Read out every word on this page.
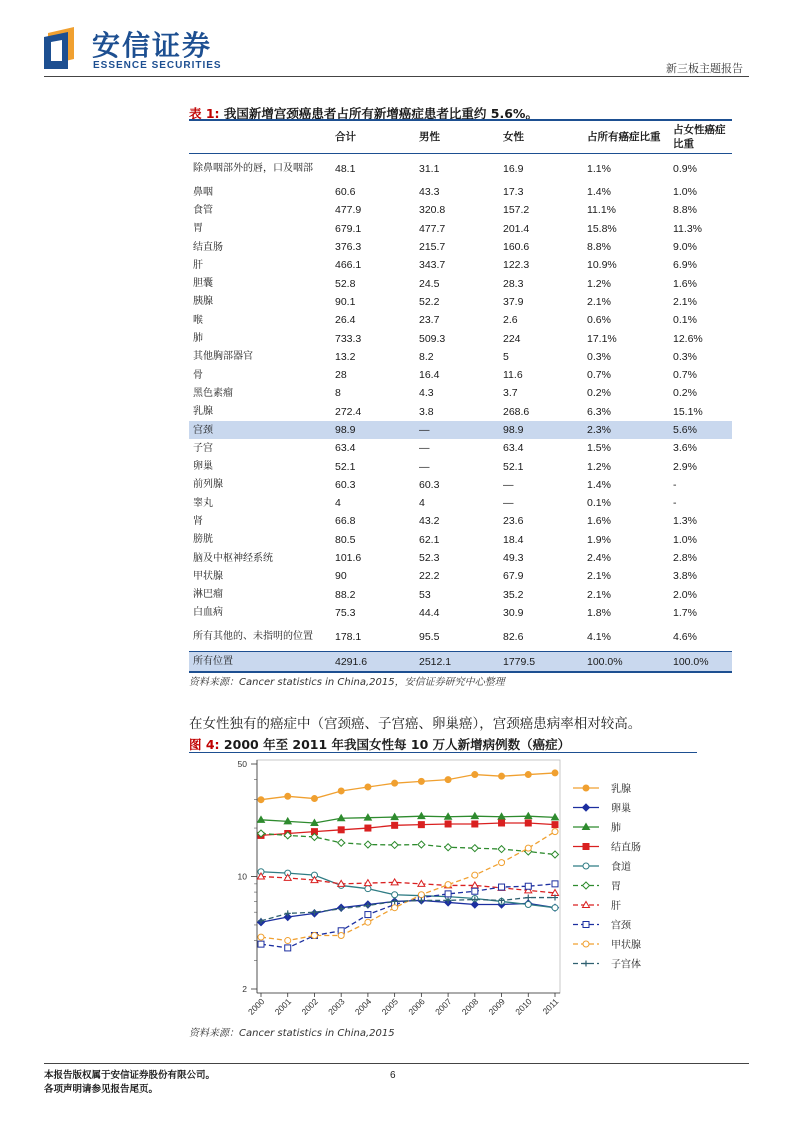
安信证券
ESSENCE SECURITIES	新三板主题报告
表 1: 我国新增宫颈癌患者占所有新增癌症患者比重约 5.6%。
	合计	男性	女性	占所有癌症比重	占女性癌症比重
除鼻咽部外的唇，口及咽部	48.1	31.1	16.9	1.1%	0.9%
鼻咽	60.6	43.3	17.3	1.4%	1.0%
食管	477.9	320.8	157.2	11.1%	8.8%
胃	679.1	477.7	201.4	15.8%	11.3%
结直肠	376.3	215.7	160.6	8.8%	9.0%
肝	466.1	343.7	122.3	10.9%	6.9%
胆囊	52.8	24.5	28.3	1.2%	1.6%
胰腺	90.1	52.2	37.9	2.1%	2.1%
喉	26.4	23.7	2.6	0.6%	0.1%
肺	733.3	509.3	224	17.1%	12.6%
其他胸部器官	13.2	8.2	5	0.3%	0.3%
骨	28	16.4	11.6	0.7%	0.7%
黑色素瘤	8	4.3	3.7	0.2%	0.2%
乳腺	272.4	3.8	268.6	6.3%	15.1%
宫颈	98.9	—	98.9	2.3%	5.6%
子宫	63.4	—	63.4	1.5%	3.6%
卵巢	52.1	—	52.1	1.2%	2.9%
前列腺	60.3	60.3	—	1.4%	-
睾丸	4	4	—	0.1%	-
肾	66.8	43.2	23.6	1.6%	1.3%
膀胱	80.5	62.1	18.4	1.9%	1.0%
脑及中枢神经系统	101.6	52.3	49.3	2.4%	2.8%
甲状腺	90	22.2	67.9	2.1%	3.8%
淋巴瘤	88.2	53	35.2	2.1%	2.0%
白血病	75.3	44.4	30.9	1.8%	1.7%
所有其他的、未指明的位置	178.1	95.5	82.6	4.1%	4.6%
所有位置	4291.6	2512.1	1779.5	100.0%	100.0%
资料来源：Cancer statistics in China,2015，安信证券研究中心整理
在女性独有的癌症中（宫颈癌、子宫癌、卵巢癌），宫颈癌患病率相对较高。
图 4: 2000 年至 2011 年我国女性每 10 万人新增病例数（癌症）
2
10
50
2000 2001 2002 2003 2004 2005 2006 2007 2008 2009 2010 2011
乳腺
卵巢
肺
结直肠
食道
胃
肝
宫颈
甲状腺
子宫体
资料来源：Cancer statistics in China,2015
本报告版权属于安信证券股份有限公司。
各项声明请参见报告尾页。
6
